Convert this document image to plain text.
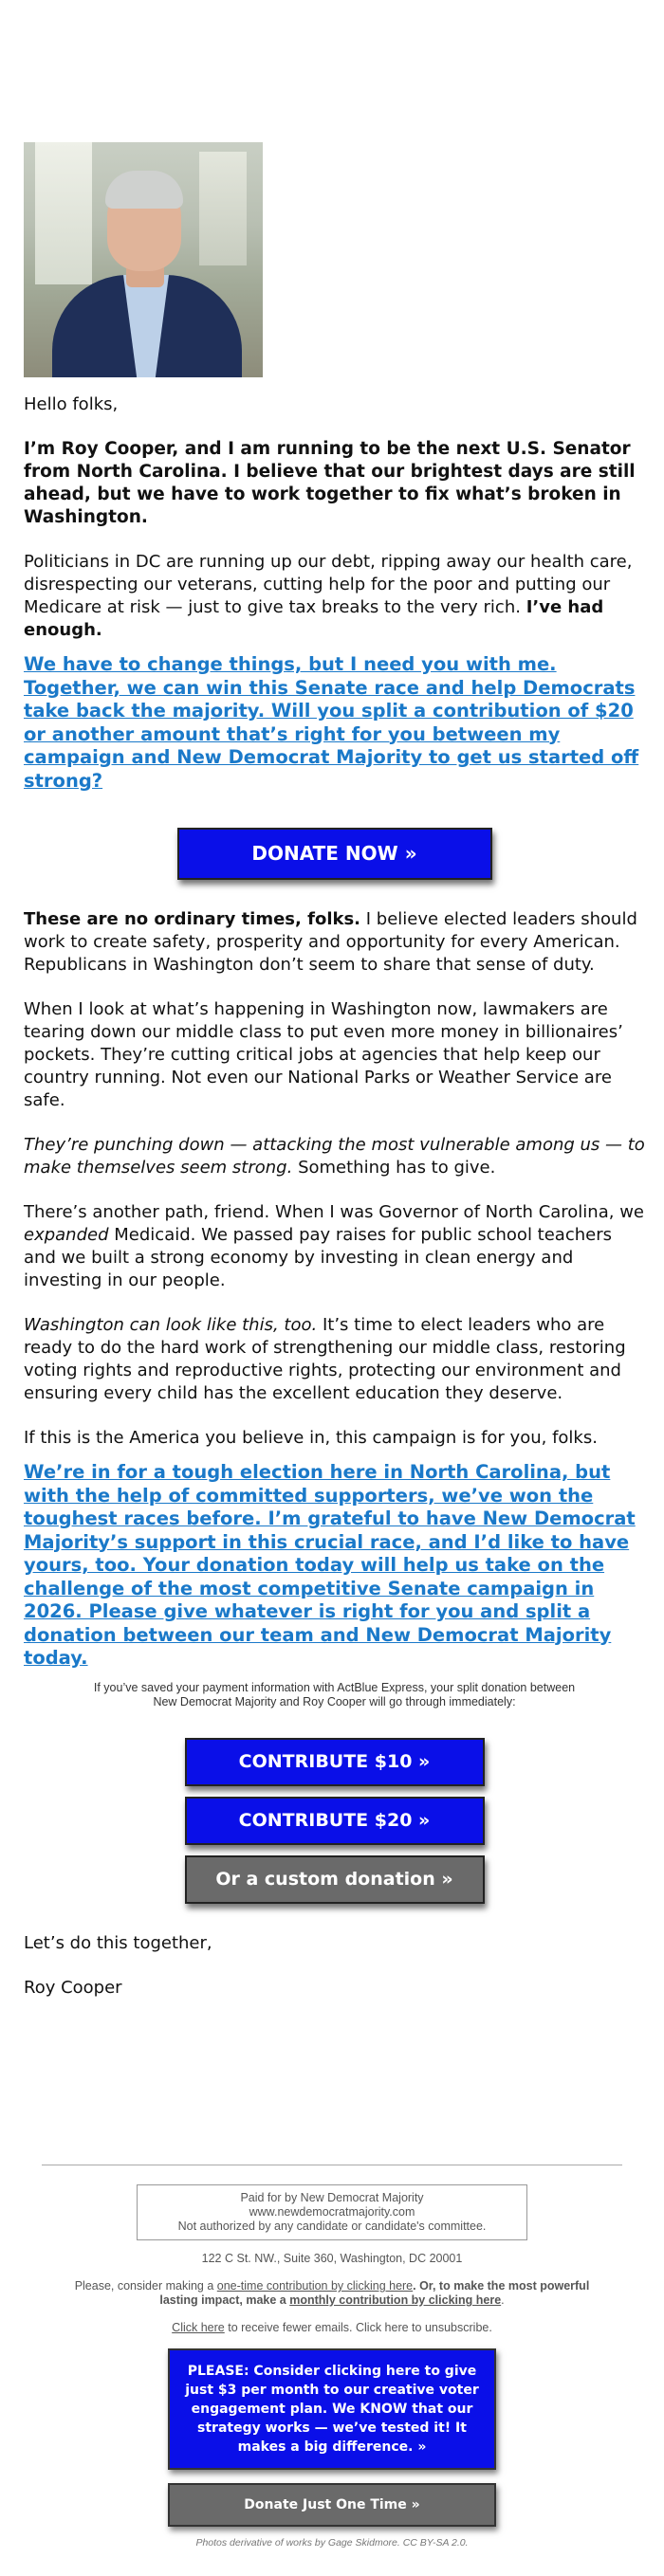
Hello folks,

I’m Roy Cooper, and I am running to be the next U.S. Senator from North Carolina. I believe that our brightest days are still ahead, but we have to work together to fix what’s broken in Washington.

Politicians in DC are running up our debt, ripping away our health care, disrespecting our veterans, cutting help for the poor and putting our Medicare at risk — just to give tax breaks to the very rich. I’ve had enough.

We have to change things, but I need you with me. Together, we can win this Senate race and help Democrats take back the majority. Will you split a contribution of $20 or another amount that’s right for you between my campaign and New Democrat Majority to get us started off strong?

DONATE NOW »

These are no ordinary times, folks. I believe elected leaders should work to create safety, prosperity and opportunity for every American. Republicans in Washington don’t seem to share that sense of duty.

When I look at what’s happening in Washington now, lawmakers are tearing down our middle class to put even more money in billionaires’ pockets. They’re cutting critical jobs at agencies that help keep our country running. Not even our National Parks or Weather Service are safe.

They’re punching down — attacking the most vulnerable among us — to make themselves seem strong. Something has to give.

There’s another path, friend. When I was Governor of North Carolina, we expanded Medicaid. We passed pay raises for public school teachers and we built a strong economy by investing in clean energy and investing in our people.

Washington can look like this, too. It’s time to elect leaders who are ready to do the hard work of strengthening our middle class, restoring voting rights and reproductive rights, protecting our environment and ensuring every child has the excellent education they deserve.

If this is the America you believe in, this campaign is for you, folks.

We’re in for a tough election here in North Carolina, but with the help of committed supporters, we’ve won the toughest races before. I’m grateful to have New Democrat Majority’s support in this crucial race, and I’d like to have yours, too. Your donation today will help us take on the challenge of the most competitive Senate campaign in 2026. Please give whatever is right for you and split a donation between our team and New Democrat Majority today.

If you’ve saved your payment information with ActBlue Express, your split donation between New Democrat Majority and Roy Cooper will go through immediately:

CONTRIBUTE $10 »
CONTRIBUTE $20 »
Or a custom donation »

Let’s do this together,

Roy Cooper

Paid for by New Democrat Majority
www.newdemocratmajority.com
Not authorized by any candidate or candidate's committee.
122 C St. NW., Suite 360, Washington, DC 20001
Please, consider making a one-time contribution by clicking here. Or, to make the most powerful lasting impact, make a monthly contribution by clicking here.
Click here to receive fewer emails. Click here to unsubscribe.
PLEASE: Consider clicking here to give just $3 per month to our creative voter engagement plan. We KNOW that our strategy works — we’ve tested it! It makes a big difference. »
Donate Just One Time »
Photos derivative of works by Gage Skidmore. CC BY-SA 2.0.
